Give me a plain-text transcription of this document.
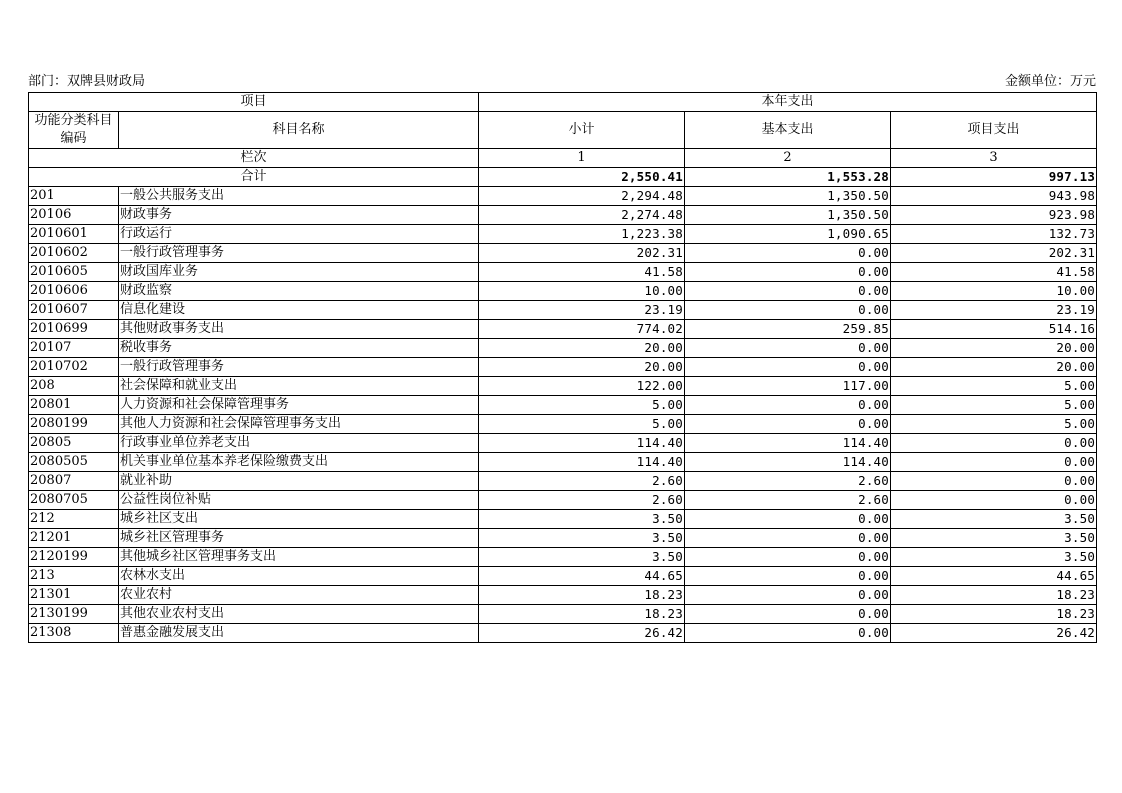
部门：双牌县财政局	金额单位：万元
项目		本年支出		
功能分类科目编码	科目名称	小计	基本支出	项目支出
栏次		1	2	3
合计		2,550.41	1,553.28	997.13
201	一般公共服务支出	2,294.48	1,350.50	943.98
20106	财政事务	2,274.48	1,350.50	923.98
2010601	行政运行	1,223.38	1,090.65	132.73
2010602	一般行政管理事务	202.31	0.00	202.31
2010605	财政国库业务	41.58	0.00	41.58
2010606	财政监察	10.00	0.00	10.00
2010607	信息化建设	23.19	0.00	23.19
2010699	其他财政事务支出	774.02	259.85	514.16
20107	税收事务	20.00	0.00	20.00
2010702	一般行政管理事务	20.00	0.00	20.00
208	社会保障和就业支出	122.00	117.00	5.00
20801	人力资源和社会保障管理事务	5.00	0.00	5.00
2080199	其他人力资源和社会保障管理事务支出	5.00	0.00	5.00
20805	行政事业单位养老支出	114.40	114.40	0.00
2080505	机关事业单位基本养老保险缴费支出	114.40	114.40	0.00
20807	就业补助	2.60	2.60	0.00
2080705	公益性岗位补贴	2.60	2.60	0.00
212	城乡社区支出	3.50	0.00	3.50
21201	城乡社区管理事务	3.50	0.00	3.50
2120199	其他城乡社区管理事务支出	3.50	0.00	3.50
213	农林水支出	44.65	0.00	44.65
21301	农业农村	18.23	0.00	18.23
2130199	其他农业农村支出	18.23	0.00	18.23
21308	普惠金融发展支出	26.42	0.00	26.42
